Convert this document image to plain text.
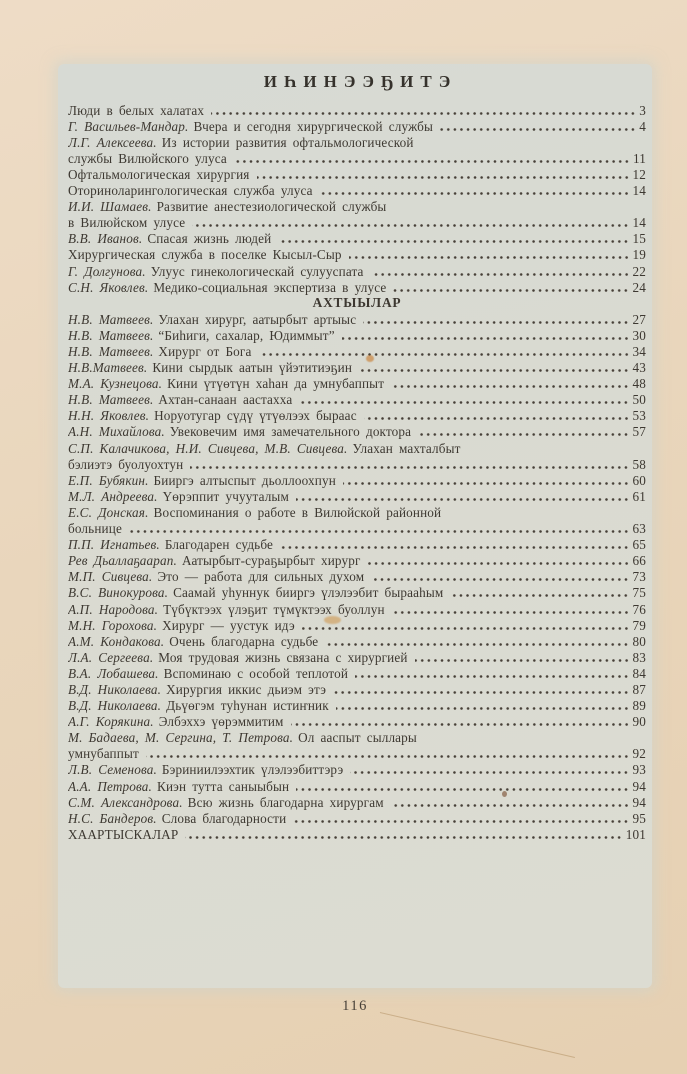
ИҺИНЭЭҔИТЭ
Люди в белых халатах	3
Г. Васильев-Мандар. Вчера и сегодня хирургической службы	4
Л.Г. Алексеева. Из истории развития офтальмологической
службы Вилюйского улуса	11
Офтальмологическая хирургия	12
Оториноларингологическая служба улуса	14
И.И. Шамаев. Развитие анестезиологической службы
в Вилюйском улусе	14
В.В. Иванов. Спасая жизнь людей	15
Хирургическая служба в поселке Кысыл-Сыр	19
Г. Долгунова. Улуус гинекологическай сулууспата	22
С.Н. Яковлев. Медико-социальная экспертиза в улусе	24
АХТЫЫЛАР
Н.В. Матвеев. Улахан хирург, аатырбыт артыыс	27
Н.В. Матвеев. “Биһиги, сахалар, Юдиммыт”	30
Н.В. Матвеев. Хирург от Бога	34
Н.В.Матвеев. Кини сырдык аатын үйэтитиэҕин	43
М.А. Кузнецова. Кини үтүөтүн хаһан да умнубаппыт	48
Н.В. Матвеев. Ахтан-санаан аастахха	50
Н.Н. Яковлев. Норуотугар сүдү үтүөлээх быраас	53
А.Н. Михайлова. Увековечим имя замечательного доктора	57
С.П. Калачикова, Н.И. Сивцева, М.В. Сивцева. Улахан махталбыт
бэлиэтэ буолуохтун	58
Е.П. Бубякин. Бииргэ алтыспыт дьоллоохпун	60
М.Л. Андреева. Үөрэппит учууталым	61
Е.С. Донская. Воспоминания о работе в Вилюйской районной
больнице	63
П.П. Игнатьев. Благодарен судьбе	65
Рев Дьаллаҕаарап. Аатырбыт-сураҕырбыт хирург	66
М.П. Сивцева. Это — работа для сильных духом	73
В.С. Винокурова. Саамай уһуннук бииргэ үлэлээбит бырааһым	75
А.П. Народова. Түбүктээх үлэҕит түмүктээх буоллун	76
М.Н. Горохова. Хирург — уустук идэ	79
А.М. Кондакова. Очень благодарна судьбе	80
Л.А. Сергеева. Моя трудовая жизнь связана с хирургией	83
В.А. Лобашева. Вспоминаю с особой теплотой	84
В.Д. Николаева. Хирургия иккис дьиэм этэ	87
В.Д. Николаева. Дьүөгэм туһунан истиҥник	89
А.Г. Корякина. Элбэххэ үөрэммитим	90
М. Бадаева, М. Сергина, Т. Петрова. Ол ааспыт сыллары
умнубаппыт	92
Л.В. Семенова. Бэриниилээхтик үлэлээбиттэрэ	93
А.А. Петрова. Киэн тутта саныыбын	94
С.М. Александрова. Всю жизнь благодарна хирургам	94
Н.С. Бандеров. Слова благодарности	95
ХААРТЫСКАЛАР	101
116
